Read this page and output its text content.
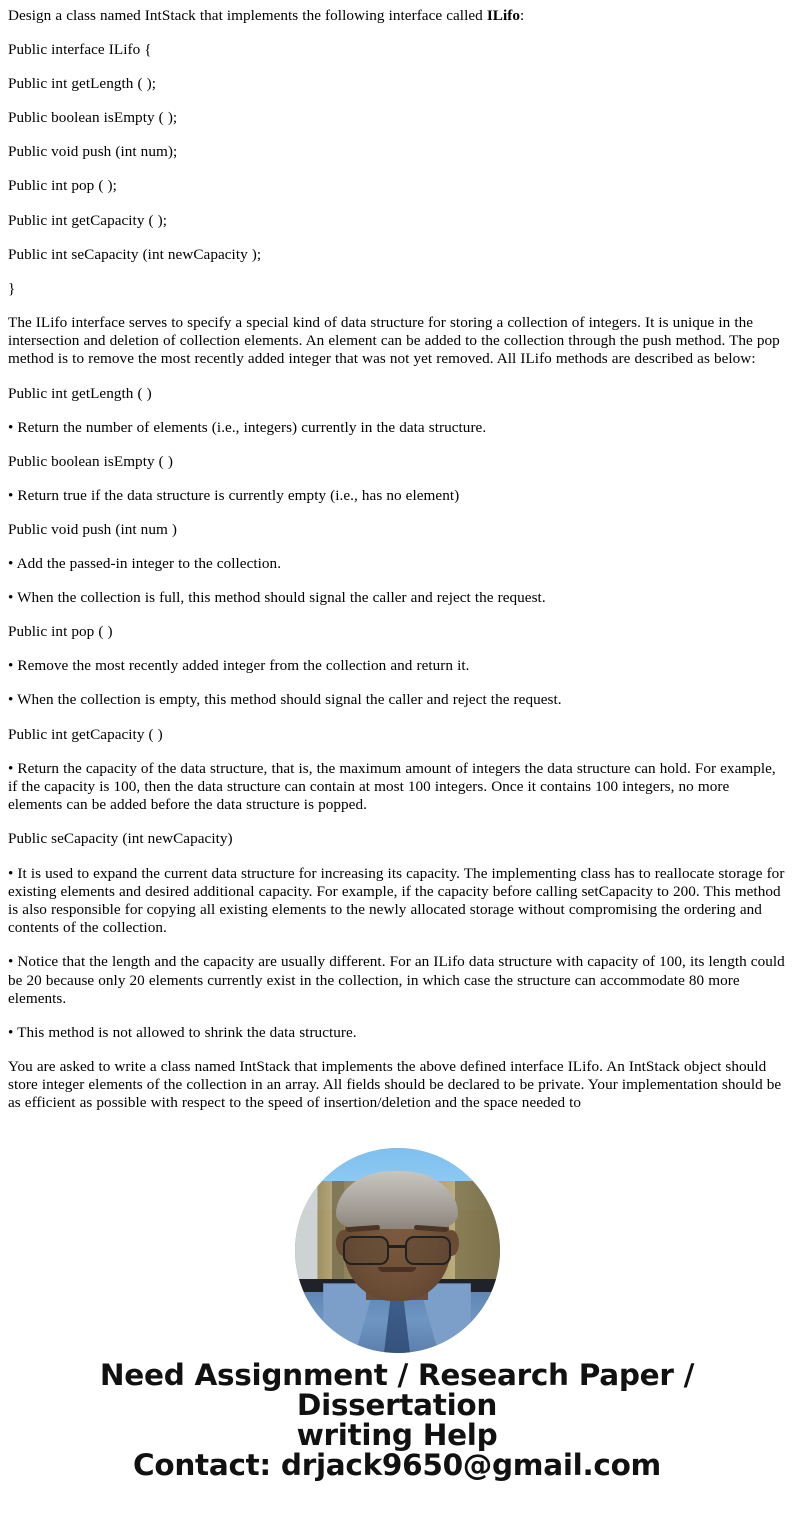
Design a class named IntStack that implements the following interface called ILifo:

Public interface ILifo {

Public int getLength ( );

Public boolean isEmpty ( );

Public void push (int num);

Public int pop ( );

Public int getCapacity ( );

Public int seCapacity (int newCapacity );

}

The ILifo interface serves to specify a special kind of data structure for storing a collection of integers. It is unique in the intersection and deletion of collection elements. An element can be added to the collection through the push method. The pop method is to remove the most recently added integer that was not yet removed. All ILifo methods are described as below:

Public int getLength ( )

• Return the number of elements (i.e., integers) currently in the data structure.

Public boolean isEmpty ( )

• Return true if the data structure is currently empty (i.e., has no element)

Public void push (int num )

• Add the passed-in integer to the collection.

• When the collection is full, this method should signal the caller and reject the request.

Public int pop ( )

• Remove the most recently added integer from the collection and return it.

• When the collection is empty, this method should signal the caller and reject the request.

Public int getCapacity ( )

• Return the capacity of the data structure, that is, the maximum amount of integers the data structure can hold. For example, if the capacity is 100, then the data structure can contain at most 100 integers. Once it contains 100 integers, no more elements can be added before the data structure is popped.

Public seCapacity (int newCapacity)

• It is used to expand the current data structure for increasing its capacity. The implementing class has to reallocate storage for existing elements and desired additional capacity. For example, if the capacity before calling setCapacity to 200. This method is also responsible for copying all existing elements to the newly allocated storage without compromising the ordering and contents of the collection.

• Notice that the length and the capacity are usually different. For an ILifo data structure with capacity of 100, its length could be 20 because only 20 elements currently exist in the collection, in which case the structure can accommodate 80 more elements.

• This method is not allowed to shrink the data structure.

You are asked to write a class named IntStack that implements the above defined interface ILifo. An IntStack object should store integer elements of the collection in an array. All fields should be declared to be private. Your implementation should be as efficient as possible with respect to the speed of insertion/deletion and the space needed to

Need Assignment / Research Paper / Dissertation
writing Help
Contact: drjack9650@gmail.com
